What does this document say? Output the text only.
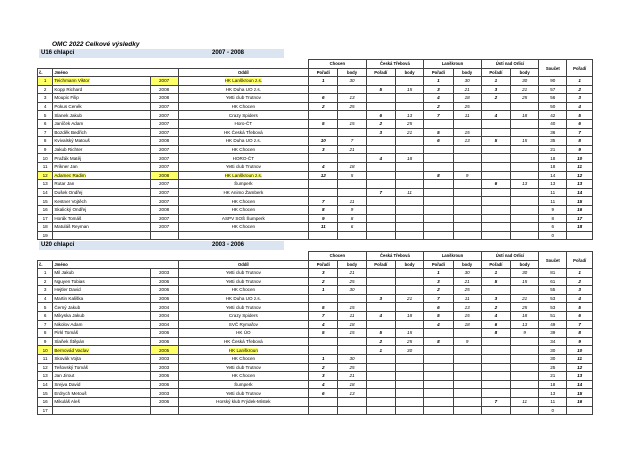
OMC 2022 Celkové výsledky
U16 chlapci	2007 - 2008
				Chocen		Česká Třebová		Lanškroun		Ústí nad Orlicí		Součet	Pořadí
č.	Jméno		Oddíl	Pořadí	body	Pořadí	body	Pořadí	body	Pořadí	body		
1	Teichmann Viktor	2007	HK Lanškroun z.s.	1	30			1	30	1	30	90	1
2	Kopp Richard	2008	HK Duha UO z.s.			5	15	3	21	3	21	57	2
3	Moupic Filip	2008	Yetti club Trutnov	6	13			4	18	2	25	56	3
4	Pokus Cenék	2007	HK Chocen	2	25			2	25			50	4
5	Slanek Jakub	2007	Crazy Spiders			6	13	7	11	4	18	42	5
6	Janíček Adam	2007	Horo-ČT	5	15	2	25					40	6
7	Bozděk Bedřich	2007	HK Česká Třebová			3	21	5	15			36	7
8	Kvivalský Matouš	2008	HK Duha UO z.s.	10	7			6	13	5	15	35	8
9	Jakub Richter	2007	HK Chocen	3	21							21	9
10	Pražák Matěj	2007	HORO-ČT			4	18					18	10
11	Prikner Jan	2007	Yetti club Trutnov	4	18							18	11
12	Adamec Radim	2008	HK Lanškroun z.s.	12	5			8	9			14	12
13	Rutar Jan	2007	Šumperk							6	13	13	13
14	Dušek Ondřej	2007	HK Animo Žamberk			7	11					11	14
15	Kestner Vojtěch	2007	HK Chocen	7	11							11	15
16	Skalický Ondřej	2008	HK Chocen	8	9							9	16
17	Horák Tomáš	2007	ASPV SOŠ Šumperk	9	8							8	17
18	Matuláš Reyman	2007	HK Chocen	11	6							6	18
19												0	
U20 chlapci	2003 - 2006
				Chocen		Česká Třebová		Lanškroun		Ústí nad Orlicí		Součet	Pořadí
č.	Jméno		Oddíl	Pořadí	body	Pořadí	body	Pořadí	body	Pořadí	body		
1	Mil Jakub	2003	Yetti club Trutnov	3	21			1	30	1	30	81	1
2	Nguyen Tobias	2006	Yetti club Trutnov	2	25			3	21	5	15	61	2
3	Hejtler David	2006	HK Chocen	1	30			2	25			55	3
4	Martin Kališka	2006	HK Duha UO z.s.			3	21	7	11	3	21	53	4
5	Černý Jakub	2004	Yetti club Trutnov	5	15			6	13	2	25	53	5
6	Mikyska Jakub	2004	Crazy Spiders	7	11	4	18	5	15	4	18	51	6
7	Nikolov Adam	2004	SVČ Rymařov	4	18			4	18	6	13	49	7
8	Pirkl Tomáš	2006	HK ÚO	5	15	5	15			8	9	39	8
9	Slaňek Štěpán	2006	HK Česká Třebová			2	25	8	9			34	9
10	Bernovád Vaclav	2005	HK Lanškroun			1	30					30	10
11	Skovák Vojta	2003	HK Chocen	1	30							30	11
12	Tešovský Tomáš	2003	Yetti club Trutnov	2	25							25	12
13	Jan Jirout	2006	HK Chocen	3	21							21	13
14	Srejva David	2006	Šumperk	4	18							18	14
15	Erdrych Metouš	2003	Yetti club Trutnov	6	13							13	15
16	Mikuláš Aleš	2006	Horský klub Frýdek-Místek							7	11	11	16
17												0	
